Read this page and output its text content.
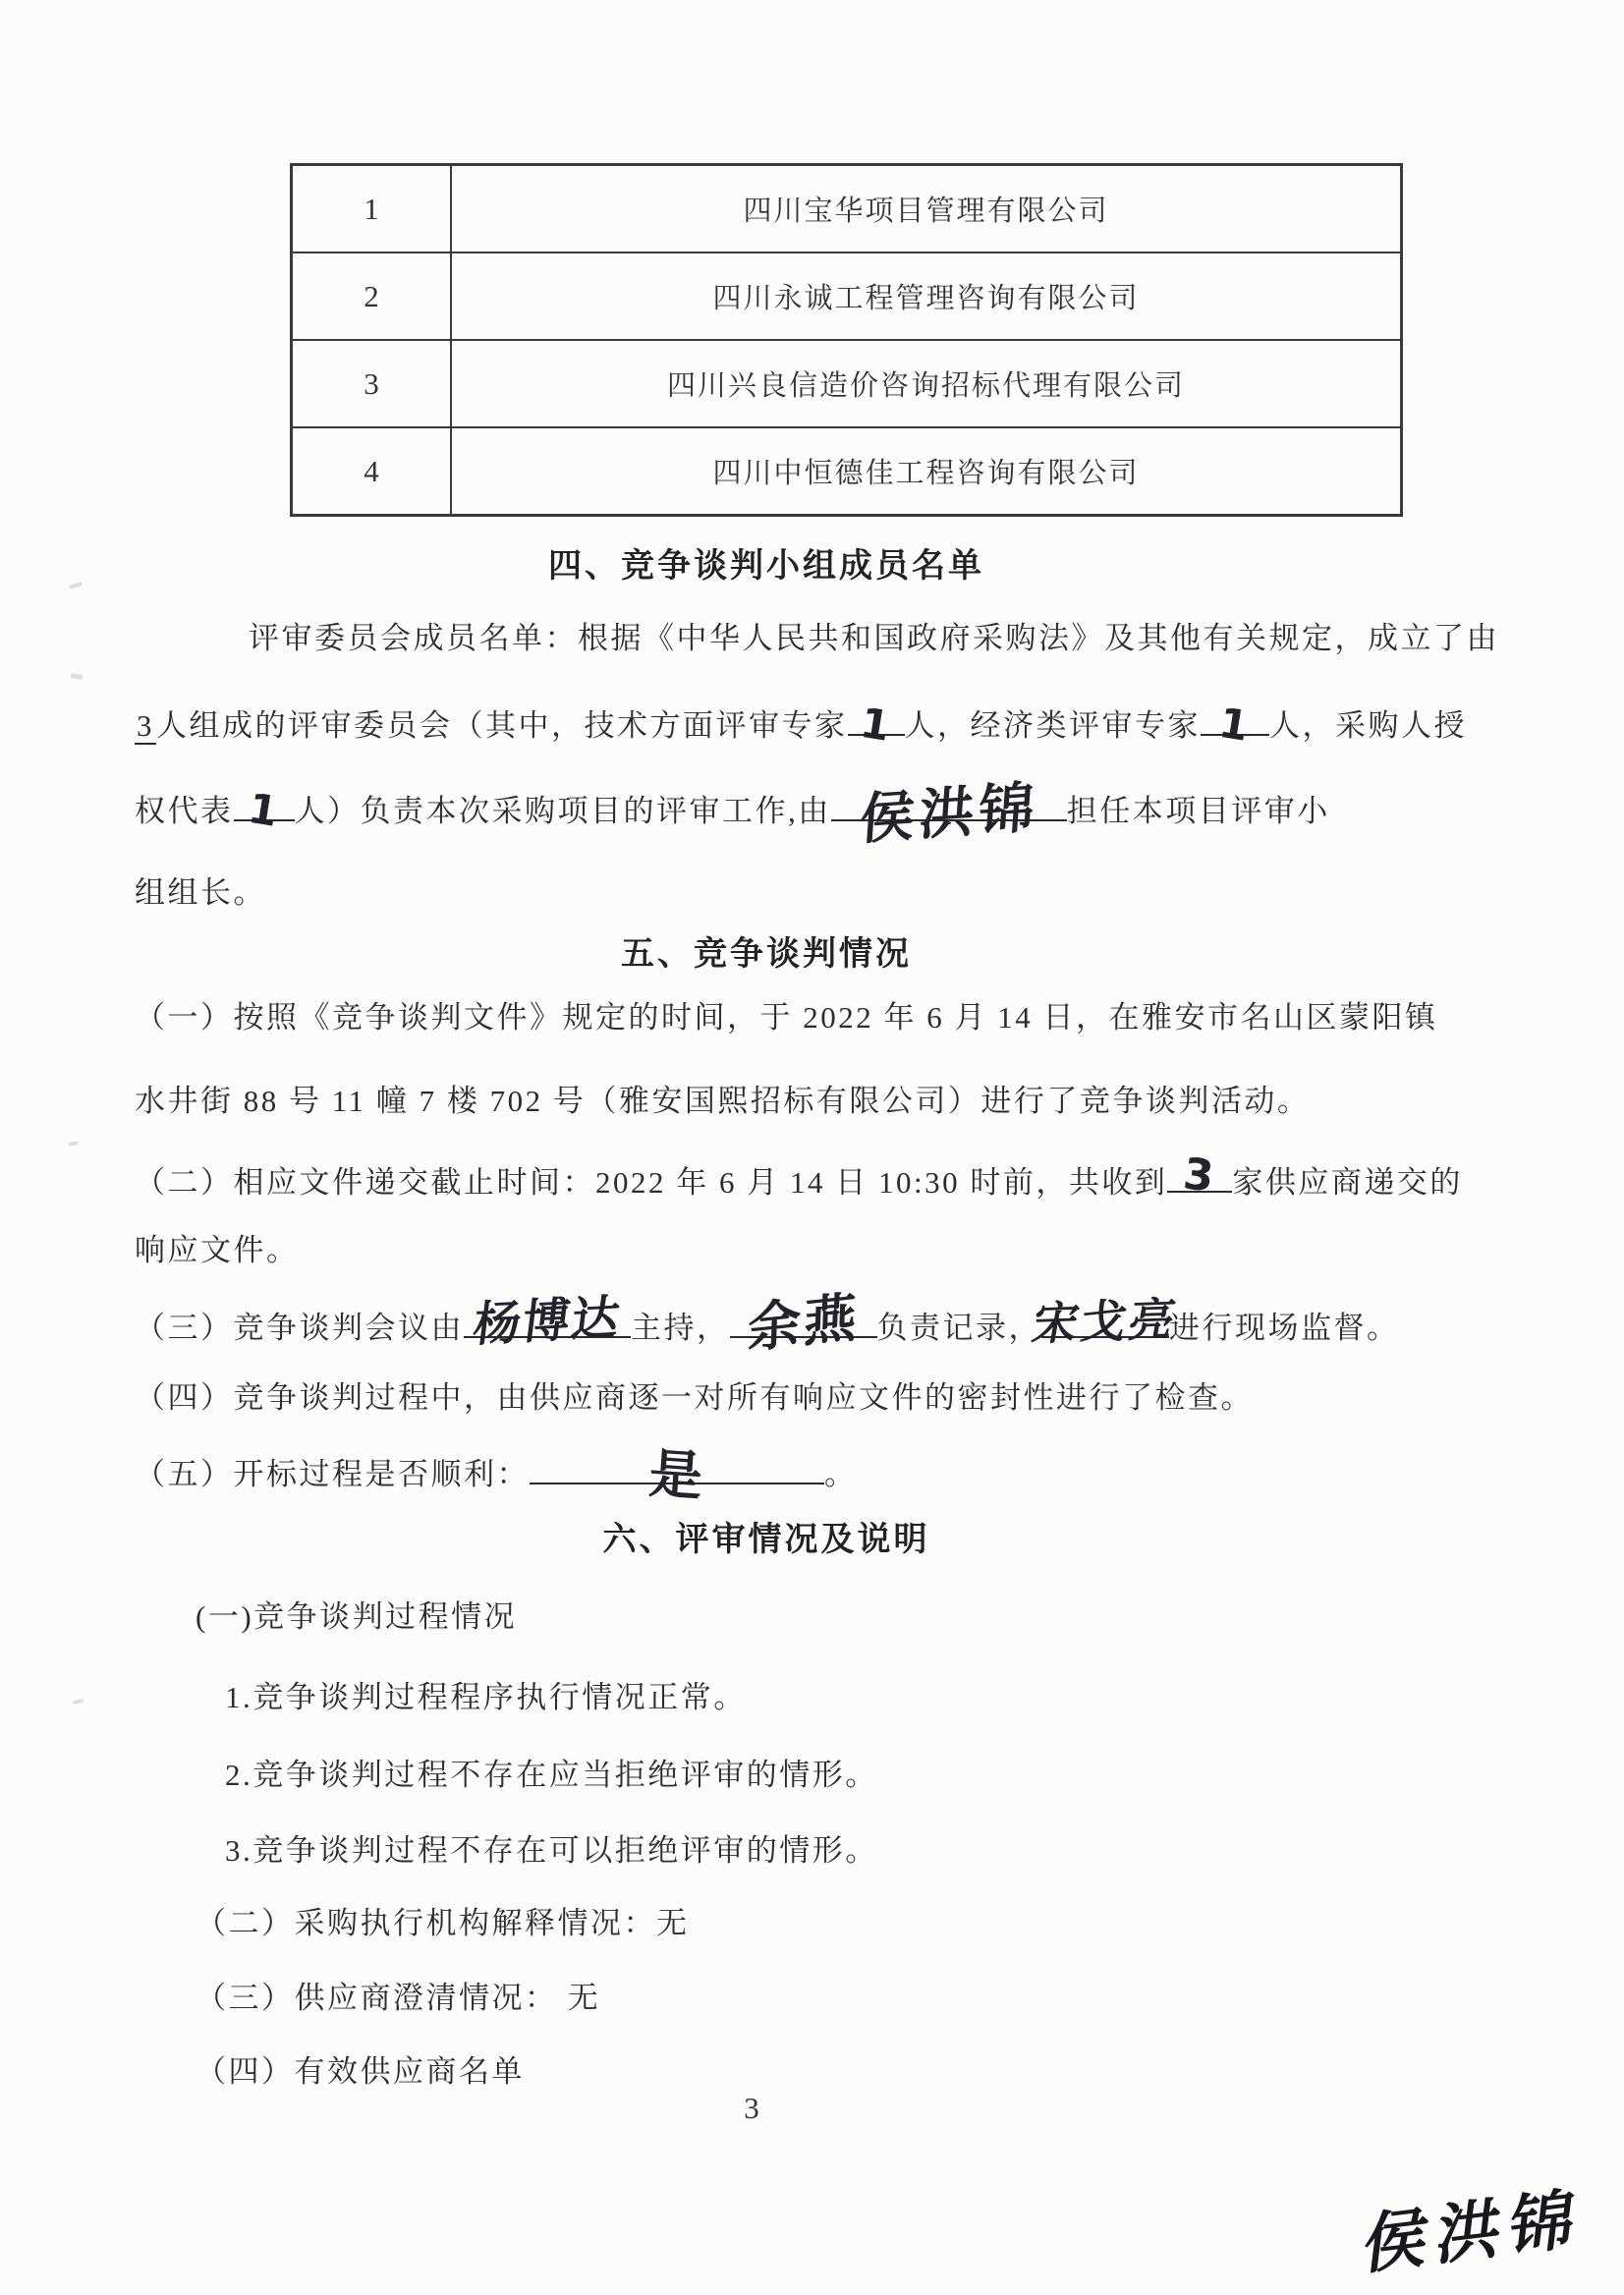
1	四川宝华项目管理有限公司
2	四川永诚工程管理咨询有限公司
3	四川兴良信造价咨询招标代理有限公司
4	四川中恒德佳工程咨询有限公司
四、竞争谈判小组成员名单
评审委员会成员名单：根据《中华人民共和国政府采购法》及其他有关规定，成立了由
3人组成的评审委员会（其中，技术方面评审专家 1 人，经济类评审专家 1 人，采购人授
权代表 1 人）负责本次采购项目的评审工作,由 侯洪锦 担任本项目评审小
组组长。
五、竞争谈判情况
（一）按照《竞争谈判文件》规定的时间，于 2022 年 6 月 14 日，在雅安市名山区蒙阳镇
水井街 88 号 11 幢 7 楼 702 号（雅安国熙招标有限公司）进行了竞争谈判活动。
（二）相应文件递交截止时间：2022 年 6 月 14 日 10:30 时前，共收到 3 家供应商递交的
响应文件。
（三）竞争谈判会议由 杨博达 主持， 余燕 负责记录，
宋戈亮
进行现场监督。
（四）竞争谈判过程中，由供应商逐一对所有响应文件的密封性进行了检查。
（五）开标过程是否顺利： 是	。
六、评审情况及说明
(一)竞争谈判过程情况
1.竞争谈判过程程序执行情况正常。
2.竞争谈判过程不存在应当拒绝评审的情形。
3.竞争谈判过程不存在可以拒绝评审的情形。
（二）采购执行机构解释情况：无
（三）供应商澄清情况： 无
（四）有效供应商名单
3
侯洪锦
